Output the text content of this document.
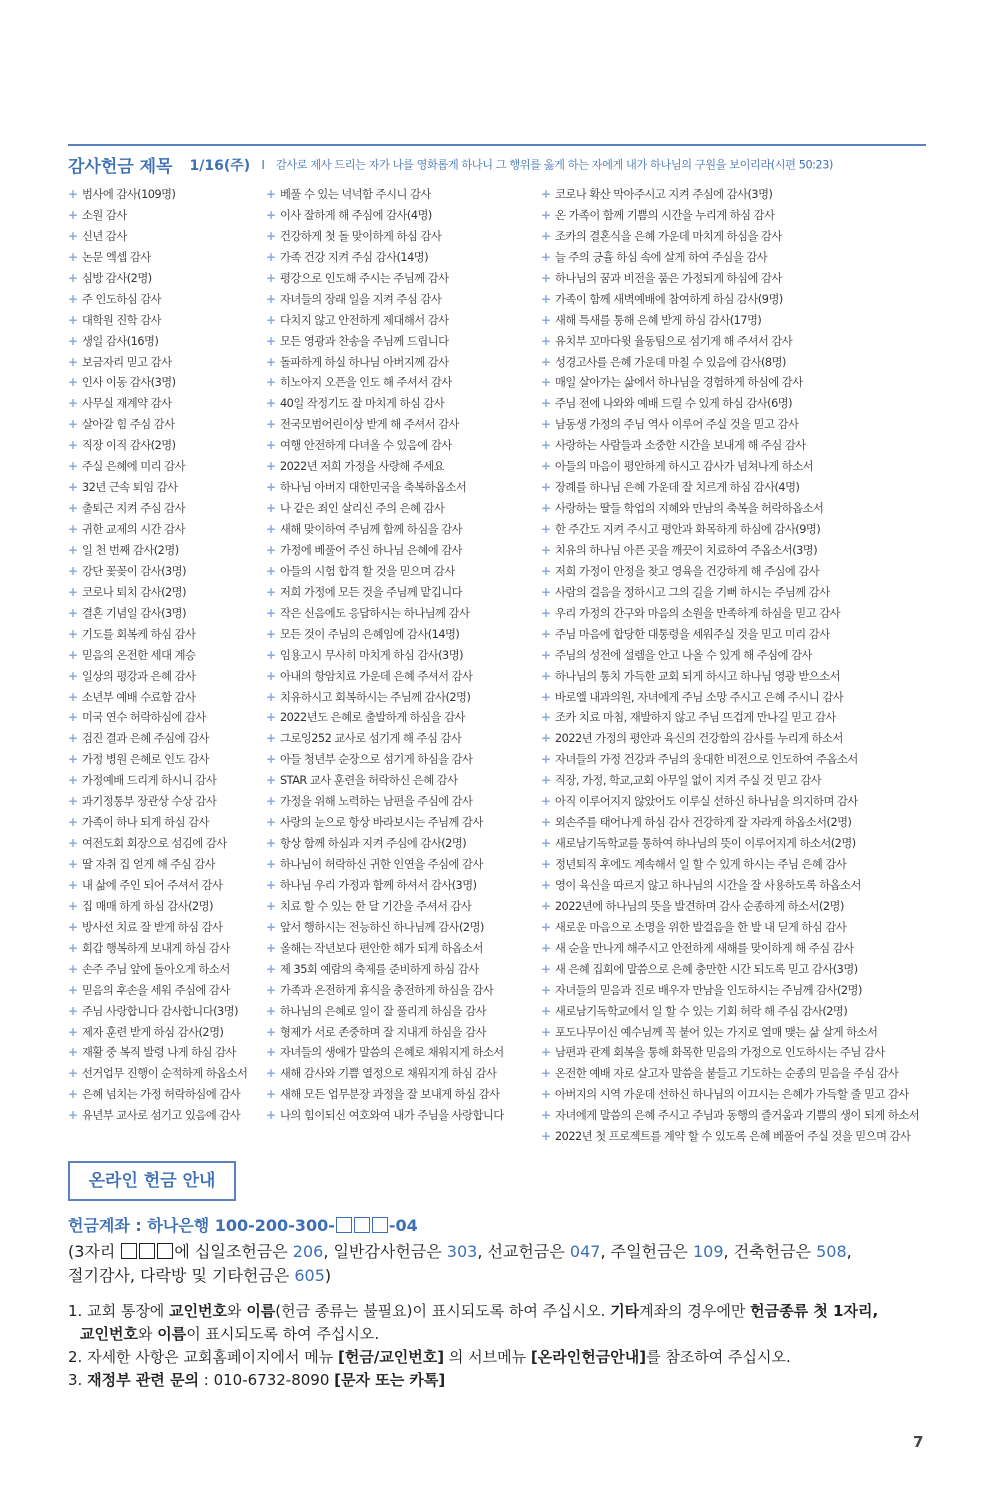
감사헌금 제목 1/16(주) I 감사로 제사 드리는 자가 나를 영화롭게 하나니 그 행위를 옳게 하는 자에게 내가 하나님의 구원을 보이리라(시편 50:23)
+ 범사에 감사(109명)
+ 소원 감사
+ 신년 감사
+ 논문 엑셉 감사
+ 심방 감사(2명)
+ 주 인도하심 감사
+ 대학원 진학 감사
+ 생일 감사(16명)
+ 보금자리 믿고 감사
+ 인사 이동 감사(3명)
+ 사무실 재계약 감사
+ 살아갈 힘 주심 감사
+ 직장 이직 감사(2명)
+ 주실 은혜에 미리 감사
+ 32년 근속 퇴임 감사
+ 출퇴근 지켜 주심 감사
+ 귀한 교제의 시간 감사
+ 일 천 번째 감사(2명)
+ 강단 꽃꽂이 감사(3명)
+ 코로나 퇴치 감사(2명)
+ 결혼 기념일 감사(3명)
+ 기도를 회복케 하심 감사
+ 믿음의 온전한 세대 계승
+ 일상의 평강과 은혜 감사
+ 소년부 예배 수료함 감사
+ 미국 연수 허락하심에 감사
+ 검진 결과 은혜 주심에 감사
+ 가정 병원 은혜로 인도 감사
+ 가정예배 드리게 하시니 감사
+ 과기정통부 장관상 수상 감사
+ 가족이 하나 되게 하심 감사
+ 여전도회 회장으로 섬김에 감사
+ 딸 자취 집 얻게 해 주심 감사
+ 내 삶에 주인 되어 주셔서 감사
+ 집 매매 하게 하심 감사(2명)
+ 방사선 치료 잘 받게 하심 감사
+ 회갑 행복하게 보내게 하심 감사
+ 손주 주님 앞에 돌아오게 하소서
+ 믿음의 후손을 세워 주심에 감사
+ 주님 사랑합니다 감사합니다(3명)
+ 제자 훈련 받게 하심 감사(2명)
+ 재활 중 복직 발령 나게 하심 감사
+ 선거업무 진행이 순적하게 하옵소서
+ 은혜 넘치는 가정 허락하심에 감사
+ 유년부 교사로 섬기고 있음에 감사
+ 베풀 수 있는 넉넉함 주시니 감사
+ 이사 잘하게 해 주심에 감사(4명)
+ 건강하게 첫 돌 맞이하게 하심 감사
+ 가족 건강 지켜 주심 감사(14명)
+ 평강으로 인도해 주시는 주님께 감사
+ 자녀들의 장래 일을 지켜 주심 감사
+ 다치지 않고 안전하게 제대해서 감사
+ 모든 영광과 찬송을 주님께 드립니다
+ 돌파하게 하실 하나님 아버지께 감사
+ 히노아지 오픈을 인도 해 주셔서 감사
+ 40일 작정기도 잘 마치게 하심 감사
+ 전국모범어린이상 받게 해 주셔서 감사
+ 여행 안전하게 다녀올 수 있음에 감사
+ 2022년 저희 가정을 사랑해 주세요
+ 하나님 아버지 대한민국을 축복하옵소서
+ 나 같은 죄인 살리신 주의 은혜 감사
+ 새해 맞이하여 주님께 함께 하심을 감사
+ 가정에 베풀어 주신 하나님 은혜에 감사
+ 아들의 시험 합격 할 것을 믿으며 감사
+ 저희 가정에 모든 것을 주님께 맡깁니다
+ 작은 신음에도 응답하시는 하나님께 감사
+ 모든 것이 주님의 은혜임에 감사(14명)
+ 임용고시 무사히 마치게 하심 감사(3명)
+ 아내의 항암치료 가운데 은혜 주셔서 감사
+ 치유하시고 회복하시는 주님께 감사(2명)
+ 2022년도 은혜로 출발하게 하심을 감사
+ 그로잉252 교사로 섬기게 해 주심 감사
+ 아들 청년부 순장으로 섬기게 하심을 감사
+ STAR 교사 훈련을 허락하신 은혜 감사
+ 가정을 위해 노력하는 남편을 주심에 감사
+ 사랑의 눈으로 항상 바라보시는 주님께 감사
+ 항상 함께 하심과 지켜 주심에 감사(2명)
+ 하나님이 허락하신 귀한 인연을 주심에 감사
+ 하나님 우리 가정과 함께 하셔서 감사(3명)
+ 치료 할 수 있는 한 달 기간을 주셔서 감사
+ 앞서 행하시는 전능하신 하나님께 감사(2명)
+ 올해는 작년보다 편안한 해가 되게 하옵소서
+ 제 35회 예람의 축제를 준비하게 하심 감사
+ 가족과 온전하게 휴식을 충전하게 하심을 감사
+ 하나님의 은혜로 일이 잘 풀리게 하심을 감사
+ 형제가 서로 존중하며 잘 지내게 하심을 감사
+ 자녀들의 생애가 말씀의 은혜로 채워지게 하소서
+ 새해 감사와 기쁨 열정으로 채워지게 하심 감사
+ 새해 모든 업무분장 과정을 잘 보내게 하심 감사
+ 나의 힘이되신 여호와여 내가 주님을 사랑합니다
+ 코로나 확산 막아주시고 지켜 주심에 감사(3명)
+ 온 가족이 함께 기쁨의 시간을 누리게 하심 감사
+ 조카의 결혼식을 은혜 가운데 마치게 하심을 감사
+ 늘 주의 긍휼 하심 속에 살게 하여 주심을 감사
+ 하나님의 꿈과 비전을 품은 가정되게 하심에 감사
+ 가족이 함께 새벽예배에 참여하게 하심 감사(9명)
+ 새해 특새를 통해 은혜 받게 하심 감사(17명)
+ 유치부 꼬마다윗 율동팀으로 섬기게 해 주셔서 감사
+ 성경고사를 은혜 가운데 마칠 수 있음에 감사(8명)
+ 매일 살아가는 삶에서 하나님을 경험하게 하심에 감사
+ 주님 전에 나와와 예배 드릴 수 있게 하심 감사(6명)
+ 남동생 가정의 주님 역사 이루어 주실 것을 믿고 감사
+ 사랑하는 사람들과 소중한 시간을 보내게 해 주심 감사
+ 아들의 마음이 평안하게 하시고 감사가 넘쳐나게 하소서
+ 장례를 하나님 은혜 가운데 잘 치르게 하심 감사(4명)
+ 사랑하는 딸들 학업의 지혜와 만남의 축복을 허락하옵소서
+ 한 주간도 지켜 주시고 평안과 화목하게 하심에 감사(9명)
+ 치유의 하나님 아픈 곳을 깨끗이 치료하여 주옵소서(3명)
+ 저희 가정이 안정을 찾고 영육을 건강하게 해 주심에 감사
+ 사람의 걸음을 정하시고 그의 길을 기뻐 하시는 주님께 감사
+ 우리 가정의 간구와 마음의 소원을 만족하게 하심을 믿고 감사
+ 주님 마음에 합당한 대통령을 세워주실 것을 믿고 미리 감사
+ 주님의 성전에 설렘을 안고 나올 수 있게 해 주심에 감사
+ 하나님의 통치 가득한 교회 되게 하시고 하나님 영광 받으소서
+ 바로엘 내과의원, 자녀에게 주님 소망 주시고 은혜 주시니 감사
+ 조카 치료 마침, 재발하지 않고 주님 뜨겁게 만나길 믿고 감사
+ 2022년 가정의 평안과 육신의 건강함의 감사를 누리게 하소서
+ 자녀들의 가정 건강과 주님의 웅대한 비전으로 인도하여 주옵소서
+ 직장, 가정, 학교,교회 아무일 없이 지켜 주실 것 믿고 감사
+ 아직 이루어지지 않았어도 이루실 선하신 하나님을 의지하며 감사
+ 외손주를 태어나게 하심 감사 건강하게 잘 자라게 하옵소서(2명)
+ 새로남기독학교를 통하여 하나님의 뜻이 이루어지게 하소서(2명)
+ 정년퇴직 후에도 계속해서 일 할 수 있게 하시는 주님 은혜 감사
+ 영이 육신을 따르지 않고 하나님의 시간을 잘 사용하도록 하옵소서
+ 2022년에 하나님의 뜻을 발견하며 감사 순종하게 하소서(2명)
+ 새로운 마음으로 소명을 위한 발걸음을 한 발 내 딛게 하심 감사
+ 새 순을 만나게 해주시고 안전하게 새해를 맞이하게 해 주심 감사
+ 새 은혜 집회에 말씀으로 은혜 충만한 시간 되도록 믿고 감사(3명)
+ 자녀들의 믿음과 진로 배우자 만남을 인도하시는 주님께 감사(2명)
+ 새로남기독학교에서 일 할 수 있는 기회 허락 해 주심 감사(2명)
+ 포도나무이신 예수님께 꼭 붙어 있는 가지로 열매 맺는 삶 살게 하소서
+ 남편과 관계 회복을 통해 화목한 믿음의 가정으로 인도하시는 주님 감사
+ 온전한 예배 자로 살고자 말씀을 붙들고 기도하는 순종의 믿음을 주심 감사
+ 아버지의 시역 가운데 선하신 하나님의 이끄시는 은혜가 가득할 줄 믿고 감사
+ 자녀에게 말씀의 은혜 주시고 주님과 동행의 즐거움과 기쁨의 생이 되게 하소서
+ 2022년 첫 프로젝트를 계약 할 수 있도록 은혜 베풀어 주실 것을 믿으며 감사
온라인 헌금 안내
헌금계좌 : 하나은행 100-200-300-	-04
(3자리	에 십일조헌금은 206, 일반감사헌금은 303, 선교헌금은 047, 주일헌금은 109, 건축헌금은 508,
절기감사, 다락방 및 기타헌금은 605)

1. 교회 통장에 교인번호와 이름(헌금 종류는 불필요)이 표시되도록 하여 주십시오. 기타계좌의 경우에만 헌금종류 첫 1자리,

교인번호와 이름이 표시되도록 하여 주십시오.

2. 자세한 사항은 교회홈페이지에서 메뉴 [헌금/교인번호] 의 서브메뉴 [온라인헌금안내]를 참조하여 주십시오.

3. 재정부 관련 문의 : 010-6732-8090 [문자 또는 카톡]

7
